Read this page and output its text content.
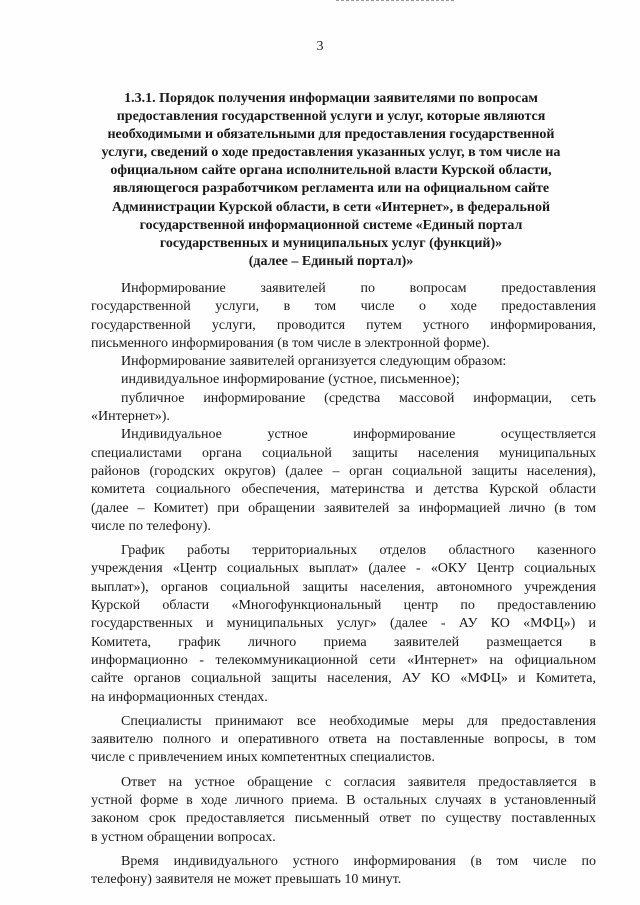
3
1.3.1. Порядок получения информации заявителями по вопросам
предоставления государственной услуги и услуг, которые являются
необходимыми и обязательными для предоставления государственной
услуги, сведений о ходе предоставления указанных услуг, в том числе на
официальном сайте органа исполнительной власти Курской области,
являющегося разработчиком регламента или на официальном сайте
Администрации Курской области, в сети «Интернет», в федеральной
государственной информационной системе «Единый портал
государственных и муниципальных услуг (функций)»
(далее – Единый портал)»
Информирование заявителей по вопросам предоставления
государственной услуги, в том числе о ходе предоставления
государственной услуги, проводится путем устного информирования,
письменного информирования (в том числе в электронной форме).
Информирование заявителей организуется следующим образом:
индивидуальное информирование (устное, письменное);
публичное информирование (средства массовой информации, сеть
«Интернет»).
Индивидуальное устное информирование осуществляется
специалистами органа социальной защиты населения муниципальных
районов (городских округов) (далее – орган социальной защиты населения),
комитета социального обеспечения, материнства и детства Курской области
(далее – Комитет) при обращении заявителей за информацией лично (в том
числе по телефону).
График работы территориальных отделов областного казенного
учреждения «Центр социальных выплат» (далее - «ОКУ Центр социальных
выплат»), органов социальной защиты населения, автономного учреждения
Курской области «Многофункциональный центр по предоставлению
государственных и муниципальных услуг» (далее - АУ КО «МФЦ») и
Комитета, график личного приема заявителей размещается в
информационно - телекоммуникационной сети «Интернет» на официальном
сайте органов социальной защиты населения, АУ КО «МФЦ» и Комитета,
на информационных стендах.
Специалисты принимают все необходимые меры для предоставления
заявителю полного и оперативного ответа на поставленные вопросы, в том
числе с привлечением иных компетентных специалистов.
Ответ на устное обращение с согласия заявителя предоставляется в
устной форме в ходе личного приема. В остальных случаях в установленный
законом срок предоставляется письменный ответ по существу поставленных
в устном обращении вопросах.
Время индивидуального устного информирования (в том числе по
телефону) заявителя не может превышать 10 минут.
